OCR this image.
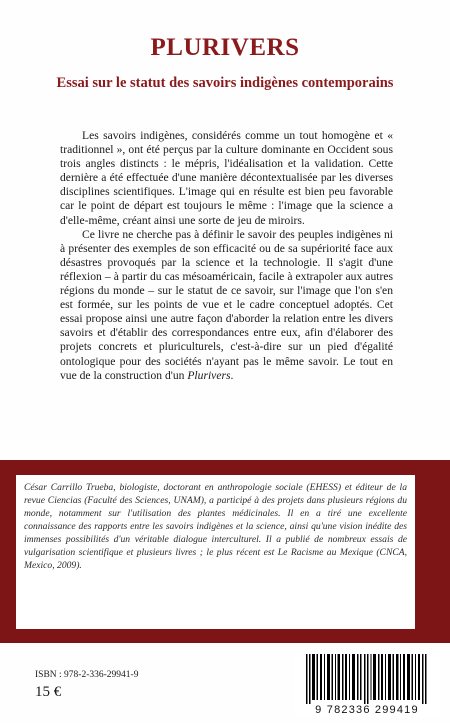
PLURIVERS
Essai sur le statut des savoirs indigènes contemporains

Les savoirs indigènes, considérés comme un tout homogène et « traditionnel », ont été perçus par la culture dominante en Occident sous trois angles distincts : le mépris, l'idéalisation et la validation. Cette dernière a été effectuée d'une manière décontextualisée par les diverses disciplines scientifiques. L'image qui en résulte est bien peu favorable car le point de départ est toujours le même : l'image que la science a d'elle-même, créant ainsi une sorte de jeu de miroirs.

Ce livre ne cherche pas à définir le savoir des peuples indigènes ni à présenter des exemples de son efficacité ou de sa supériorité face aux désastres provoqués par la science et la technologie. Il s'agit d'une réflexion – à partir du cas mésoaméricain, facile à extrapoler aux autres régions du monde – sur le statut de ce savoir, sur l'image que l'on s'en est formée, sur les points de vue et le cadre conceptuel adoptés. Cet essai propose ainsi une autre façon d'aborder la relation entre les divers savoirs et d'établir des correspondances entre eux, afin d'élaborer des projets concrets et pluriculturels, c'est-à-dire sur un pied d'égalité ontologique pour des sociétés n'ayant pas le même savoir. Le tout en vue de la construction d'un Plurivers.

César Carrillo Trueba, biologiste, doctorant en anthropologie sociale (EHESS) et éditeur de la revue Ciencias (Faculté des Sciences, UNAM), a participé à des projets dans plusieurs régions du monde, notamment sur l'utilisation des plantes médicinales. Il en a tiré une excellente connaissance des rapports entre les savoirs indigènes et la science, ainsi qu'une vision inédite des immenses possibilités d'un véritable dialogue interculturel. Il a publié de nombreux essais de vulgarisation scientifique et plusieurs livres ; le plus récent est Le Racisme au Mexique (CNCA, Mexico, 2009).
ISBN : 978-2-336-29941-9
15 €
9 782336 299419
